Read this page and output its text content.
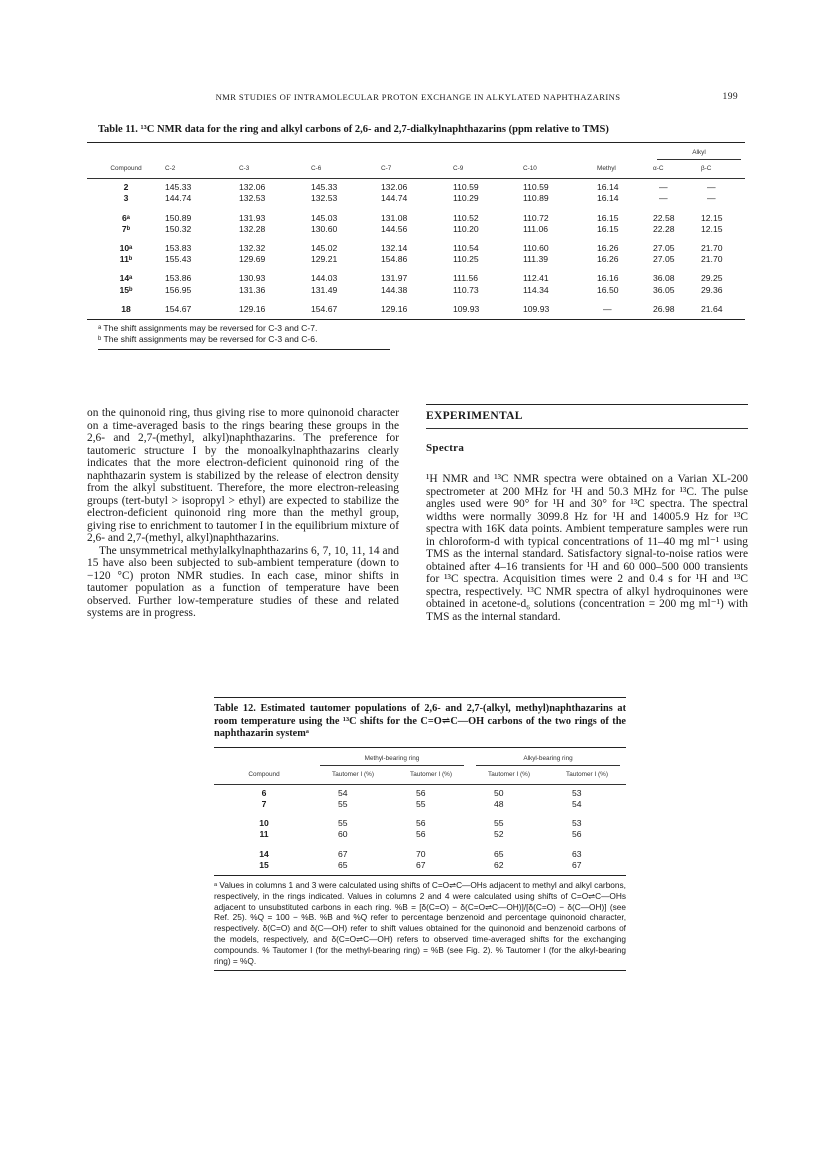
NMR STUDIES OF INTRAMOLECULAR PROTON EXCHANGE IN ALKYLATED NAPHTHAZARINS	199
Table 11. ¹³C NMR data for the ring and alkyl carbons of 2,6- and 2,7-dialkylnaphthazarins (ppm relative to TMS)
								Alkyl	

Compound	C-2	C-3	C-6	C-7	C-9	C-10	Methyl	α-C	β-C

2	145.33	132.06	145.33	132.06	110.59	110.59	16.14	—	—
3	144.74	132.53	132.53	144.74	110.29	110.89	16.14	—	—

6ᵃ	150.89	131.93	145.03	131.08	110.52	110.72	16.15	22.58	12.15
7ᵇ	150.32	132.28	130.60	144.56	110.20	111.06	16.15	22.28	12.15

10ᵃ	153.83	132.32	145.02	132.14	110.54	110.60	16.26	27.05	21.70
11ᵇ	155.43	129.69	129.21	154.86	110.25	111.39	16.26	27.05	21.70

14ᵃ	153.86	130.93	144.03	131.97	111.56	112.41	16.16	36.08	29.25
15ᵇ	156.95	131.36	131.49	144.38	110.73	114.34	16.50	36.05	29.36

18	154.67	129.16	154.67	129.16	109.93	109.93	—	26.98	21.64
ᵃ The shift assignments may be reversed for C-3 and C-7.
ᵇ The shift assignments may be reversed for C-3 and C-6.

on the quinonoid ring, thus giving rise to more quinonoid character on a time-averaged basis to the rings bearing these groups in the 2,6- and 2,7-(methyl, alkyl)naphthazarins. The preference for tautomeric structure I by the monoalkylnaphthazarins clearly indicates that the more electron-deficient quinonoid ring of the naphthazarin system is stabilized by the release of electron density from the alkyl substituent. Therefore, the more electron-releasing groups (tert-butyl > isopropyl > ethyl) are expected to stabilize the electron-deficient quinonoid ring more than the methyl group, giving rise to enrichment to tautomer I in the equilibrium mixture of 2,6- and 2,7-(methyl, alkyl)naphthazarins.

The unsymmetrical methylalkylnaphthazarins 6, 7, 10, 11, 14 and 15 have also been subjected to sub-ambient temperature (down to −120 °C) proton NMR studies. In each case, minor shifts in tautomer population as a function of temperature have been observed. Further low-temperature studies of these and related systems are in progress.

EXPERIMENTAL
Spectra

¹H NMR and ¹³C NMR spectra were obtained on a Varian XL-200 spectrometer at 200 MHz for ¹H and 50.3 MHz for ¹³C. The pulse angles used were 90° for ¹H and 30° for ¹³C spectra. The spectral widths were normally 3099.8 Hz for ¹H and 14005.9 Hz for ¹³C spectra with 16K data points. Ambient temperature samples were run in chloroform-d with typical concentrations of 11–40 mg ml⁻¹ using TMS as the internal standard. Satisfactory signal-to-noise ratios were obtained after 4–16 transients for ¹H and 60 000–500 000 transients for ¹³C spectra. Acquisition times were 2 and 0.4 s for ¹H and ¹³C spectra, respectively. ¹³C NMR spectra of alkyl hydroquinones were obtained in acetone-d₆ solutions (concentration = 200 mg ml⁻¹) with TMS as the internal standard.

Table 12. Estimated tautomer populations of 2,6- and 2,7-(alkyl, methyl)naphthazarins at room temperature using the ¹³C shifts for the C=O⇌C—OH carbons of the two rings of the naphthazarin systemᵃ
	Methyl-bearing ring		Alkyl-bearing ring	

Compound	Tautomer I (%)	Tautomer I (%)	Tautomer I (%)	Tautomer I (%)

6	54	56	50	53
7	55	55	48	54

10	55	56	55	53
11	60	56	52	56

14	67	70	65	63
15	65	67	62	67
ᵃ Values in columns 1 and 3 were calculated using shifts of C=O⇌C—OHs adjacent to methyl and alkyl carbons, respectively, in the rings indicated. Values in columns 2 and 4 were calculated using shifts of C=O⇌C—OHs adjacent to unsubstituted carbons in each ring. %B = [δ(C=O) − δ(C=O⇌C—OH)]/[δ(C=O) − δ(C—OH)] (see Ref. 25). %Q = 100 − %B. %B and %Q refer to percentage benzenoid and percentage quinonoid character, respectively. δ(C=O) and δ(C—OH) refer to shift values obtained for the quinonoid and benzenoid carbons of the models, respectively, and δ(C=O⇌C—OH) refers to observed time-averaged shifts for the exchanging compounds. % Tautomer I (for the methyl-bearing ring) = %B (see Fig. 2). % Tautomer I (for the alkyl-bearing ring) = %Q.
